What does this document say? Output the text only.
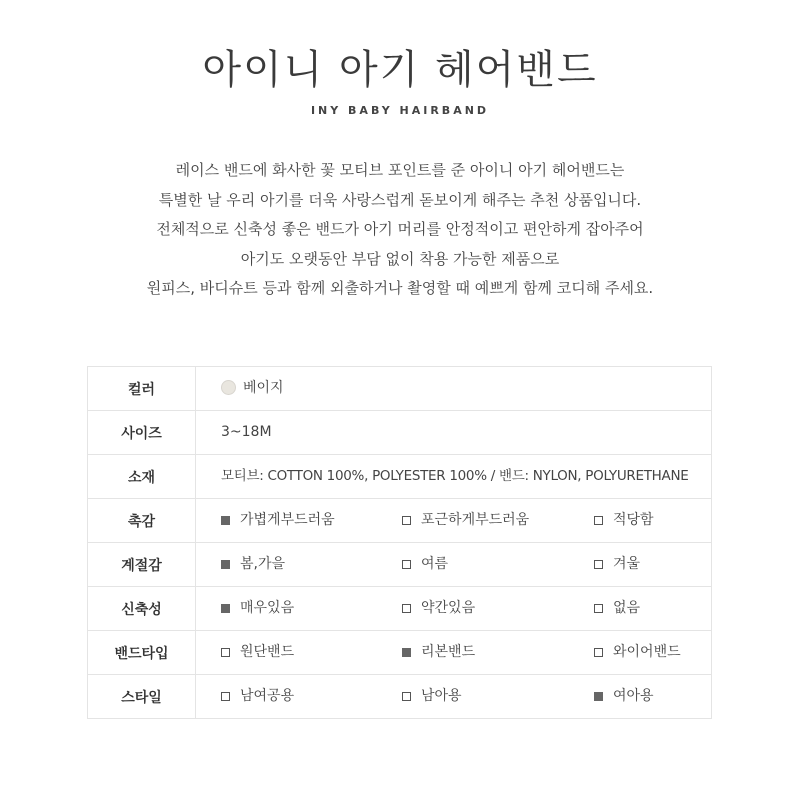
아이니 아기 헤어밴드
INY BABY HAIRBAND
레이스 밴드에 화사한 꽃 모티브 포인트를 준 아이니 아기 헤어밴드는
특별한 날 우리 아기를 더욱 사랑스럽게 돋보이게 해주는 추천 상품입니다.
전체적으로 신축성 좋은 밴드가 아기 머리를 안정적이고 편안하게 잡아주어
아기도 오랫동안 부담 없이 착용 가능한 제품으로
원피스, 바디슈트 등과 함께 외출하거나 촬영할 때 예쁘게 함께 코디해 주세요.
컬러	베이지

사이즈	3~18M

소재	모티브: COTTON 100%, POLYESTER 100% / 밴드: NYLON, POLYURETHANE

촉감	가볍게부드러움 포근하게부드러움 적당함

계절감	봄,가을 여름 겨울

신축성	매우있음 약간있음 없음

밴드타입	원단밴드 리본밴드 와이어밴드

스타일	남여공용 남아용 여아용
